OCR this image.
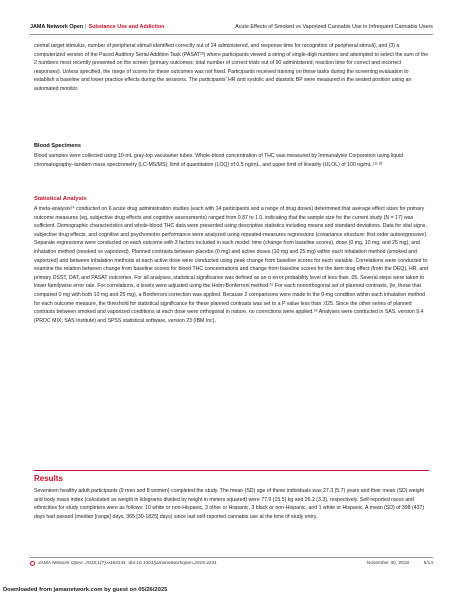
JAMA Network Open | Substance Use and Addiction	Acute Effects of Smoked vs Vaporized Cannabis Use in Infrequent Cannabis Users

central target stimulus, number of peripheral stimuli identified correctly out of 24 administered, and response time for recognition of peripheral stimuli), and (3) a computerized version of the Paced Auditory Serial Addition Task (PASAT²³) where participants viewed a string of single-digit numbers and attempted to select the sum of the 2 numbers most recently presented on the screen (primary outcomes: total number of correct trials out of 90 administered; reaction time for correct and incorrect responses). Unless specified, the range of scores for these outcomes was not fixed. Participants received training on these tasks during the screening evaluation to establish a baseline and lower practice effects during the sessions. The participants' HR and systolic and diastolic BP were measured in the seated position using an automated monitor.

Blood Specimens

Blood samples were collected using 10-mL gray-top vacutainer tubes. Whole-blood concentration of THC was measured by Immunalysis Corporation using liquid chromatography–tandem mass spectrometry (LC-MS/MS), limit of quantitation (LOQ) of 0.5 ng/mL, and upper limit of linearity (ULOL) of 100 ng/mL.¹⁸·²³

Statistical Analysis

A meta-analysis²⁴ conducted on 6 acute drug administration studies (each with 14 participants and a range of drug doses) determined that average effect sizes for primary outcome measures (eg, subjective drug effects and cognitive assessments) ranged from 0.87 to 1.0, indicating that the sample size for the current study (N = 17) was sufficient. Demographic characteristics and whole-blood THC data were presented using descriptive statistics including means and standard deviations. Data for vital signs, subjective drug effects, and cognitive and psychomotor performance were analyzed using repeated-measures regressions (covariance structure: first order autoregressive). Separate regressions were conducted on each outcome with 3 factors included in each model: time (change from baseline scores), dose (0 mg, 10 mg, and 25 mg), and inhalation method (smoked vs vaporized). Planned contrasts between placebo (0 mg) and active doses (10 mg and 25 mg) within each inhalation method (smoked and vaporized) and between inhalation methods at each active dose were conducted using peak change from baseline scores for each variable. Correlations were conducted to examine the relation between change from baseline scores for blood THC concentrations and change from baseline scores for the item drug effect (from the DEQ), HR, and primary DSST, DAT, and PASAT outcomes. For all analyses, statistical significance was defined as an α error probability level of less than .05. Several steps were taken to lower familywise error rate. For correlations, α levels were adjusted using the Holm-Bonferroni method.²⁵ For each nonorthogonal set of planned contrasts, (ie, those that compared 0 mg with both 10 mg and 25 mg), a Bonferroni correction was applied. Because 2 comparisons were made to the 0-mg condition within each inhalation method for each outcome measure, the threshold for statistical significance for these planned contrasts was set to a P value less than .025. Since the other series of planned contrasts between smoked and vaporized conditions at each dose were orthogonal in nature, no corrections were applied.²⁶ Analyses were conducted in SAS, version 9.4 (PROC MIX; SAS Institute) and SPSS statistical software, version 23 (IBM Inc).

Results

Seventeen healthy adult participants (9 men and 8 women) completed the study. The mean (SD) age of these individuals was 27.3 (5.7) years and their mean (SD) weight and body mass index (calculated as weight in kilograms divided by height in meters squared) were 77.9 (15.5) kg and 26.2 (3.3), respectively. Self-reported races and ethnicities for study completers were as follows: 10 white or non-Hispanic, 3 other or Hispanic, 3 black or non-Hispanic, and 1 white or Hispanic. A mean (SD) of 398 (437) days had passed (median [range] days, 365 [30-1825] days) since last self-reported cannabis use at the time of study entry.

JAMA Network Open. 2018;1(7):e184141. doi:10.1001/jamanetworkopen.2018.4141	November 30, 2018	5/14
Downloaded from jamanetwork.com by guest on 05/26/2025
